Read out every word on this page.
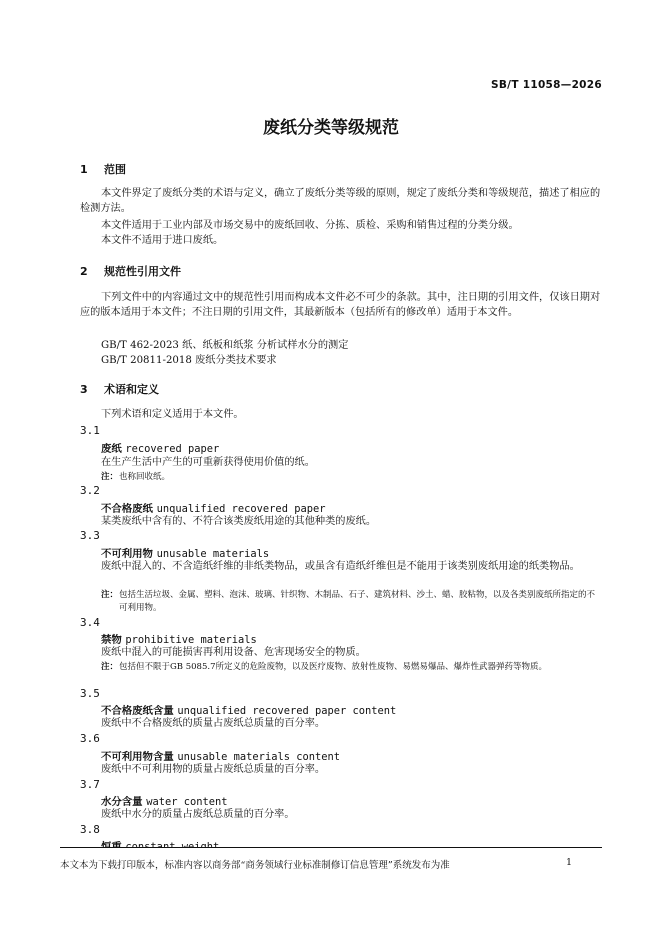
SB/T 11058—2026
废纸分类等级规范
1 范围
本文件界定了废纸分类的术语与定义，确立了废纸分类等级的原则，规定了废纸分类和等级规范，描述了相应的检测方法。
本文件适用于工业内部及市场交易中的废纸回收、分拣、质检、采购和销售过程的分类分级。
本文件不适用于进口废纸。
2 规范性引用文件
下列文件中的内容通过文中的规范性引用而构成本文件必不可少的条款。其中，注日期的引用文件，仅该日期对应的版本适用于本文件；不注日期的引用文件，其最新版本（包括所有的修改单）适用于本文件。
GB/T 462-2023 纸、纸板和纸浆 分析试样水分的测定
GB/T 20811-2018 废纸分类技术要求
3 术语和定义
下列术语和定义适用于本文件。
3.1
废纸 recovered paper
在生产生活中产生的可重新获得使用价值的纸。
注： 也称回收纸。
3.2
不合格废纸 unqualified recovered paper
某类废纸中含有的、不符合该类废纸用途的其他种类的废纸。
3.3
不可利用物 unusable materials
废纸中混入的、不含造纸纤维的非纸类物品，或虽含有造纸纤维但是不能用于该类别废纸用途的纸类物品。
注： 包括生活垃圾、金属、塑料、泡沫、玻璃、针织物、木制品、石子、建筑材料、沙土、蜡、胶粘物，以及各类别废纸所指定的不可利用物。
3.4
禁物 prohibitive materials
废纸中混入的可能损害再利用设备、危害现场安全的物质。
注： 包括但不限于GB 5085.7所定义的危险废物，以及医疗废物、放射性废物、易燃易爆品、爆炸性武器弹药等物质。
3.5
不合格废纸含量 unqualified recovered paper content
废纸中不合格废纸的质量占废纸总质量的百分率。
3.6
不可利用物含量 unusable materials content
废纸中不可利用物的质量占废纸总质量的百分率。
3.7
水分含量 water content
废纸中水分的质量占废纸总质量的百分率。
3.8
本文本为下载打印版本，标准内容以商务部“商务领域行业标准制修订信息管理”系统发布为准	1
